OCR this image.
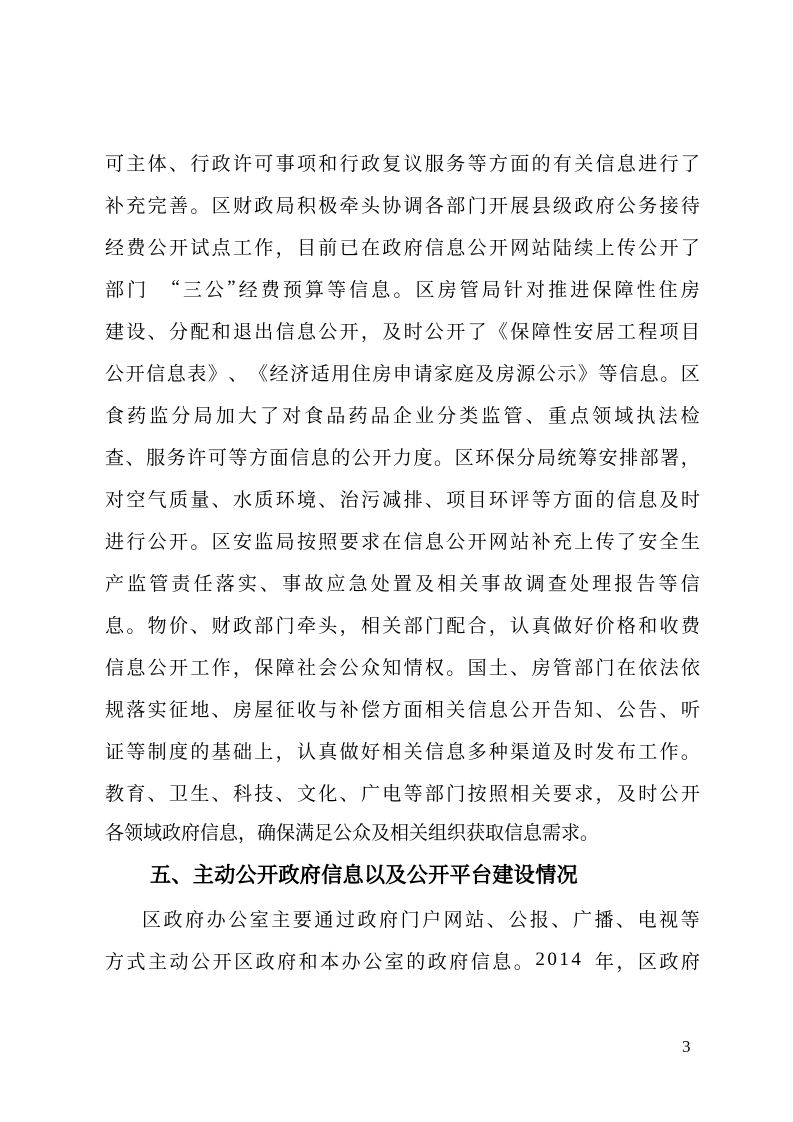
可 主 体 、 行 政 许 可 事 项 和 行 政 复 议 服 务 等 方 面 的 有 关 信 息 进 行 了
补 充 完 善 。 区 财 政 局 积 极 牵 头 协 调 各 部 门 开 展 县 级 政 府 公 务 接 待
经 费 公 开 试 点 工 作 ， 目 前 已 在 政 府 信 息 公 开 网 站 陆 续 上 传 公 开 了
部 门 “ 三 公 ” 经 费 预 算 等 信 息 。 区 房 管 局 针 对 推 进 保 障 性 住 房
建 设 、 分 配 和 退 出 信 息 公 开 ， 及 时 公 开 了 《 保 障 性 安 居 工 程 项 目
公 开 信 息 表 》 、 《 经 济 适 用 住 房 申 请 家 庭 及 房 源 公 示 》 等 信 息 。 区
食 药 监 分 局 加 大 了 对 食 品 药 品 企 业 分 类 监 管 、 重 点 领 域 执 法 检
查 、 服 务 许 可 等 方 面 信 息 的 公 开 力 度 。 区 环 保 分 局 统 筹 安 排 部 署 ，
对 空 气 质 量 、 水 质 环 境 、 治 污 减 排 、 项 目 环 评 等 方 面 的 信 息 及 时
进 行 公 开 。 区 安 监 局 按 照 要 求 在 信 息 公 开 网 站 补 充 上 传 了 安 全 生
产 监 管 责 任 落 实 、 事 故 应 急 处 置 及 相 关 事 故 调 查 处 理 报 告 等 信
息 。 物 价 、 财 政 部 门 牵 头 ， 相 关 部 门 配 合 ， 认 真 做 好 价 格 和 收 费
信 息 公 开 工 作 ， 保 障 社 会 公 众 知 情 权 。 国 土 、 房 管 部 门 在 依 法 依
规 落 实 征 地 、 房 屋 征 收 与 补 偿 方 面 相 关 信 息 公 开 告 知 、 公 告 、 听
证 等 制 度 的 基 础 上 ， 认 真 做 好 相 关 信 息 多 种 渠 道 及 时 发 布 工 作 。
教 育 、 卫 生 、 科 技 、 文 化 、 广 电 等 部 门 按 照 相 关 要 求 ， 及 时 公 开
各领域政府信息，确保满足公众及相关组织获取信息需求。
五、主动公开政府信息以及公开平台建设情况
区 政 府 办 公 室 主 要 通 过 政 府 门 户 网 站 、 公 报 、 广 播 、 电 视 等
方 式 主 动 公 开 区 政 府 和 本 办 公 室 的 政 府 信 息 。 2 0 1 4 年 ， 区 政 府
3
